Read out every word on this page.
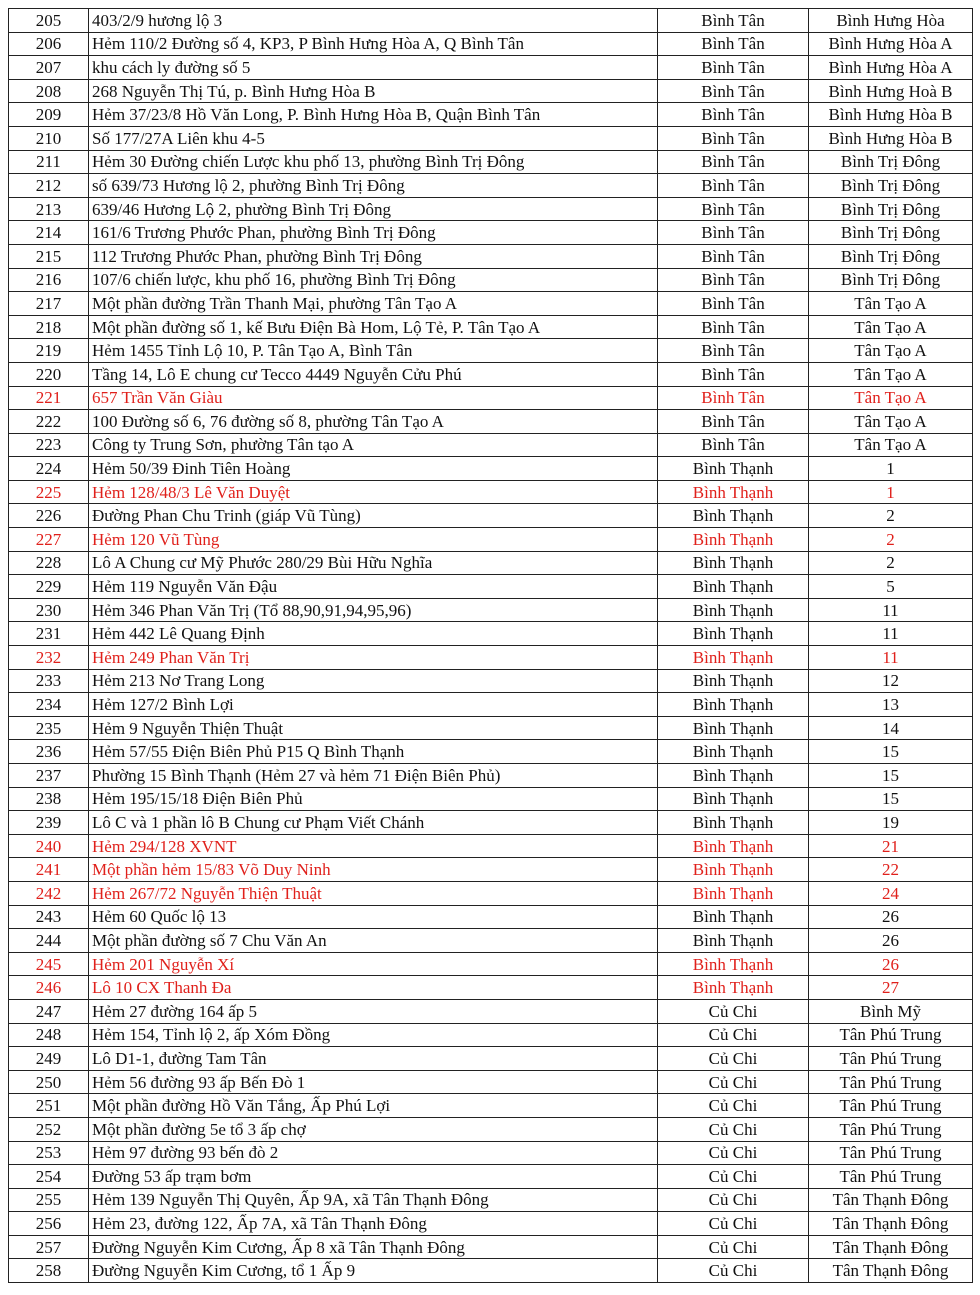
205	403/2/9 hương lộ 3	Bình Tân	Bình Hưng Hòa
206	Hẻm 110/2 Đường số 4, KP3, P Bình Hưng Hòa A, Q Bình Tân	Bình Tân	Bình Hưng Hòa A
207	khu cách ly đường số 5	Bình Tân	Bình Hưng Hòa A
208	268 Nguyễn Thị Tú, p. Bình Hưng Hòa B	Bình Tân	Bình Hưng Hoà B
209	Hẻm 37/23/8 Hồ Văn Long, P. Bình Hưng Hòa B, Quận Bình Tân	Bình Tân	Bình Hưng Hòa B
210	Số 177/27A Liên khu 4-5	Bình Tân	Bình Hưng Hòa B
211	Hẻm 30 Đường chiến Lược khu phố 13, phường Bình Trị Đông	Bình Tân	Bình Trị Đông
212	số 639/73 Hương lộ 2, phường Bình Trị Đông	Bình Tân	Bình Trị Đông
213	639/46 Hương Lộ 2, phường Bình Trị Đông	Bình Tân	Bình Trị Đông
214	161/6 Trương Phước Phan, phường Bình Trị Đông	Bình Tân	Bình Trị Đông
215	112 Trương Phước Phan, phường Bình Trị Đông	Bình Tân	Bình Trị Đông
216	107/6 chiến lược, khu phố 16, phường Bình Trị Đông	Bình Tân	Bình Trị Đông
217	Một phần đường Trần Thanh Mại, phường Tân Tạo A	Bình Tân	Tân Tạo A
218	Một phần đường số 1, kế Bưu Điện Bà Hom, Lộ Tẻ, P. Tân Tạo A	Bình Tân	Tân Tạo A
219	Hẻm 1455 Tỉnh Lộ 10, P. Tân Tạo A, Bình Tân	Bình Tân	Tân Tạo A
220	Tầng 14, Lô E chung cư Tecco 4449 Nguyễn Cửu Phú	Bình Tân	Tân Tạo A
221	657 Trần Văn Giàu	Bình Tân	Tân Tạo A
222	100 Đường số 6, 76 đường số 8, phường Tân Tạo A	Bình Tân	Tân Tạo A
223	Công ty Trung Sơn, phường Tân tạo A	Bình Tân	Tân Tạo A
224	Hẻm 50/39 Đinh Tiên Hoàng	Bình Thạnh	1
225	Hẻm 128/48/3 Lê Văn Duyệt	Bình Thạnh	1
226	Đường Phan Chu Trinh (giáp Vũ Tùng)	Bình Thạnh	2
227	Hẻm 120 Vũ Tùng	Bình Thạnh	2
228	Lô A Chung cư Mỹ Phước 280/29 Bùi Hữu Nghĩa	Bình Thạnh	2
229	Hẻm 119 Nguyễn Văn Đậu	Bình Thạnh	5
230	Hẻm 346 Phan Văn Trị (Tổ 88,90,91,94,95,96)	Bình Thạnh	11
231	Hẻm 442 Lê Quang Định	Bình Thạnh	11
232	Hẻm 249 Phan Văn Trị	Bình Thạnh	11
233	Hẻm 213 Nơ Trang Long	Bình Thạnh	12
234	Hẻm 127/2 Bình Lợi	Bình Thạnh	13
235	Hẻm 9 Nguyễn Thiện Thuật	Bình Thạnh	14
236	Hẻm 57/55 Điện Biên Phủ P15 Q Bình Thạnh	Bình Thạnh	15
237	Phường 15 Bình Thạnh (Hẻm 27 và hẻm 71 Điện Biên Phủ)	Bình Thạnh	15
238	Hẻm 195/15/18 Điện Biên Phủ	Bình Thạnh	15
239	Lô C và 1 phần lô B Chung cư Phạm Viết Chánh	Bình Thạnh	19
240	Hẻm 294/128 XVNT	Bình Thạnh	21
241	Một phần hẻm 15/83 Võ Duy Ninh	Bình Thạnh	22
242	Hẻm 267/72 Nguyễn Thiện Thuật	Bình Thạnh	24
243	Hẻm 60 Quốc lộ 13	Bình Thạnh	26
244	Một phần đường số 7 Chu Văn An	Bình Thạnh	26
245	Hẻm 201 Nguyễn Xí	Bình Thạnh	26
246	Lô 10 CX Thanh Đa	Bình Thạnh	27
247	Hẻm 27 đường 164 ấp 5	Củ Chi	Bình Mỹ
248	Hẻm 154, Tỉnh lộ 2, ấp Xóm Đồng	Củ Chi	Tân Phú Trung
249	Lô D1-1, đường Tam Tân	Củ Chi	Tân Phú Trung
250	Hẻm 56 đường 93 ấp Bến Đò 1	Củ Chi	Tân Phú Trung
251	Một phần đường Hồ Văn Tắng, Ấp Phú Lợi	Củ Chi	Tân Phú Trung
252	Một phần đường 5e tổ 3 ấp chợ	Củ Chi	Tân Phú Trung
253	Hẻm 97 đường 93 bến đò 2	Củ Chi	Tân Phú Trung
254	Đường 53 ấp trạm bơm	Củ Chi	Tân Phú Trung
255	Hẻm 139 Nguyễn Thị Quyên, Ấp 9A, xã Tân Thạnh Đông	Củ Chi	Tân Thạnh Đông
256	Hẻm 23, đường 122, Ấp 7A, xã Tân Thạnh Đông	Củ Chi	Tân Thạnh Đông
257	Đường Nguyễn Kim Cương, Ấp 8 xã Tân Thạnh Đông	Củ Chi	Tân Thạnh Đông
258	Đường Nguyễn Kim Cương, tổ 1 Ấp 9	Củ Chi	Tân Thạnh Đông
